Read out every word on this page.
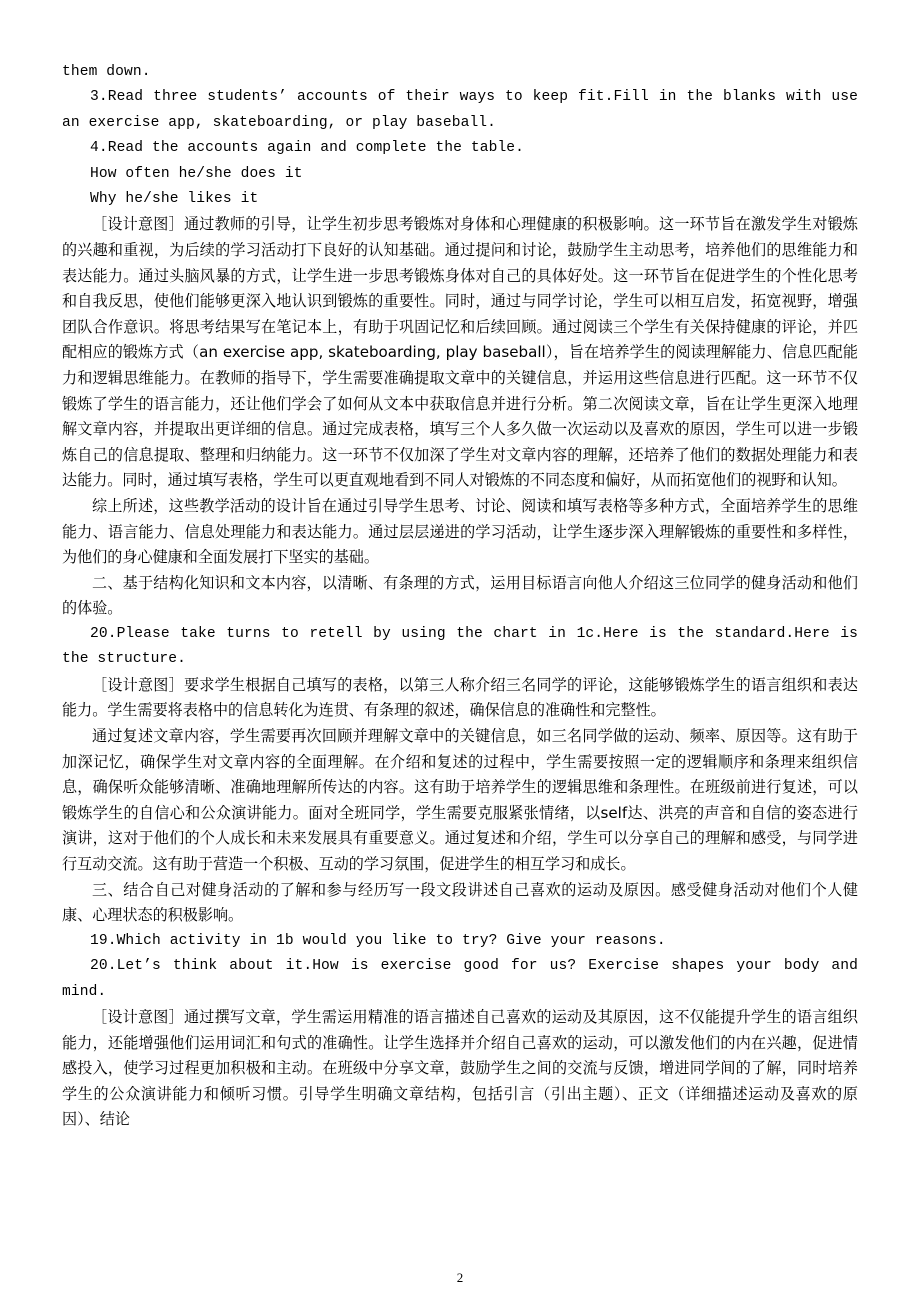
them down.

3.Read three students’ accounts of their ways to keep fit.Fill in the blanks with use an exercise app, skateboarding, or play baseball.

4.Read the accounts again and complete the table.

How often he/she does it

Why he/she likes it

［设计意图］通过教师的引导，让学生初步思考锻炼对身体和心理健康的积极影响。这一环节旨在激发学生对锻炼的兴趣和重视，为后续的学习活动打下良好的认知基础。通过提问和讨论，鼓励学生主动思考，培养他们的思维能力和表达能力。通过头脑风暴的方式，让学生进一步思考锻炼身体对自己的具体好处。这一环节旨在促进学生的个性化思考和自我反思，使他们能够更深入地认识到锻炼的重要性。同时，通过与同学讨论，学生可以相互启发，拓宽视野，增强团队合作意识。将思考结果写在笔记本上，有助于巩固记忆和后续回顾。通过阅读三个学生有关保持健康的评论，并匹配相应的锻炼方式（an exercise app, skateboarding, play baseball），旨在培养学生的阅读理解能力、信息匹配能力和逻辑思维能力。在教师的指导下，学生需要准确提取文章中的关键信息，并运用这些信息进行匹配。这一环节不仅锻炼了学生的语言能力，还让他们学会了如何从文本中获取信息并进行分析。第二次阅读文章，旨在让学生更深入地理解文章内容，并提取出更详细的信息。通过完成表格，填写三个人多久做一次运动以及喜欢的原因，学生可以进一步锻炼自己的信息提取、整理和归纳能力。这一环节不仅加深了学生对文章内容的理解，还培养了他们的数据处理能力和表达能力。同时，通过填写表格，学生可以更直观地看到不同人对锻炼的不同态度和偏好，从而拓宽他们的视野和认知。

综上所述，这些教学活动的设计旨在通过引导学生思考、讨论、阅读和填写表格等多种方式，全面培养学生的思维能力、语言能力、信息处理能力和表达能力。通过层层递进的学习活动，让学生逐步深入理解锻炼的重要性和多样性，为他们的身心健康和全面发展打下坚实的基础。

二、基于结构化知识和文本内容，以清晰、有条理的方式，运用目标语言向他人介绍这三位同学的健身活动和他们的体验。

20.Please take turns to retell by using the chart in 1c.Here is the standard.Here is the structure.

［设计意图］要求学生根据自己填写的表格，以第三人称介绍三名同学的评论，这能够锻炼学生的语言组织和表达能力。学生需要将表格中的信息转化为连贯、有条理的叙述，确保信息的准确性和完整性。

通过复述文章内容，学生需要再次回顾并理解文章中的关键信息，如三名同学做的运动、频率、原因等。这有助于加深记忆，确保学生对文章内容的全面理解。在介绍和复述的过程中，学生需要按照一定的逻辑顺序和条理来组织信息，确保听众能够清晰、准确地理解所传达的内容。这有助于培养学生的逻辑思维和条理性。在班级前进行复述，可以锻炼学生的自信心和公众演讲能力。面对全班同学，学生需要克服紧张情绪，以self达、洪亮的声音和自信的姿态进行演讲，这对于他们的个人成长和未来发展具有重要意义。通过复述和介绍，学生可以分享自己的理解和感受，与同学进行互动交流。这有助于营造一个积极、互动的学习氛围，促进学生的相互学习和成长。

三、结合自己对健身活动的了解和参与经历写一段文段讲述自己喜欢的运动及原因。感受健身活动对他们个人健康、心理状态的积极影响。

19.Which activity in 1b would you like to try? Give your reasons.

20.Let’s think about it.How is exercise good for us? Exercise shapes your body and mind.

［设计意图］通过撰写文章，学生需运用精准的语言描述自己喜欢的运动及其原因，这不仅能提升学生的语言组织能力，还能增强他们运用词汇和句式的准确性。让学生选择并介绍自己喜欢的运动，可以激发他们的内在兴趣，促进情感投入，使学习过程更加积极和主动。在班级中分享文章，鼓励学生之间的交流与反馈，增进同学间的了解，同时培养学生的公众演讲能力和倾听习惯。引导学生明确文章结构，包括引言（引出主题）、正文（详细描述运动及喜欢的原因）、结论

2
